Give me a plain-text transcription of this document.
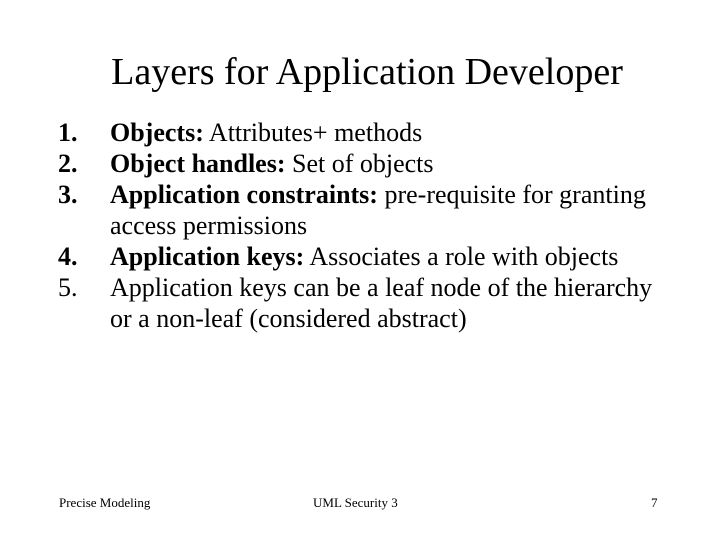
Layers for Application Developer
1. Objects: Attributes+ methods
2. Object handles: Set of objects
3. Application constraints: pre-requisite for granting access permissions
4. Application keys: Associates a role with objects
5. Application keys can be a leaf node of the hierarchy or a non-leaf (considered abstract)
Precise Modeling	UML Security 3	7
